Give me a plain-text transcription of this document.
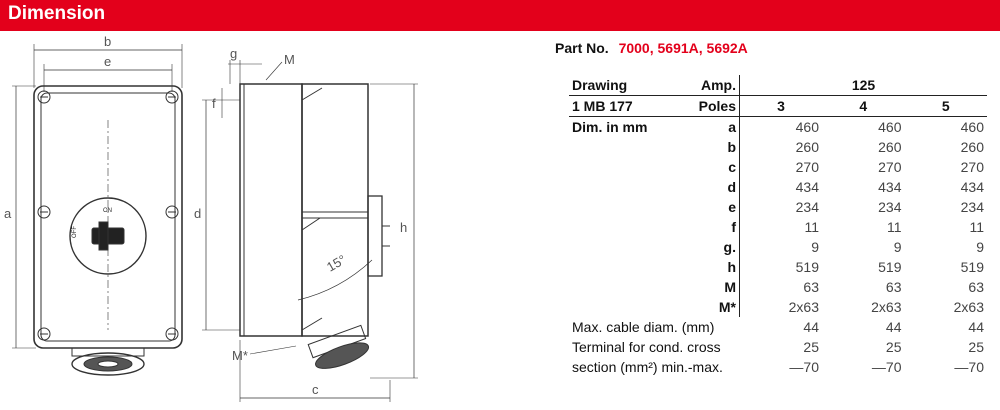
Dimension
b
e
a	d
f
g
h
c
M
M*
15°
ON
OFF
Part No. 7000, 5691A, 5692A
Drawing	Amp.	125		
1 MB 177	Poles	3	4	5
Dim. in mm	a	460	460	460
	b	260	260	260
	c	270	270	270
	d	434	434	434
	e	234	234	234
	f	11	11	11
	g.	9	9	9
	h	519	519	519
	M	63	63	63
	M*	2x63	2x63	2x63
Max. cable diam. (mm)		44	44	44
Terminal for cond. cross		25	25	25
section (mm²) min.-max.		—70	—70	—70
